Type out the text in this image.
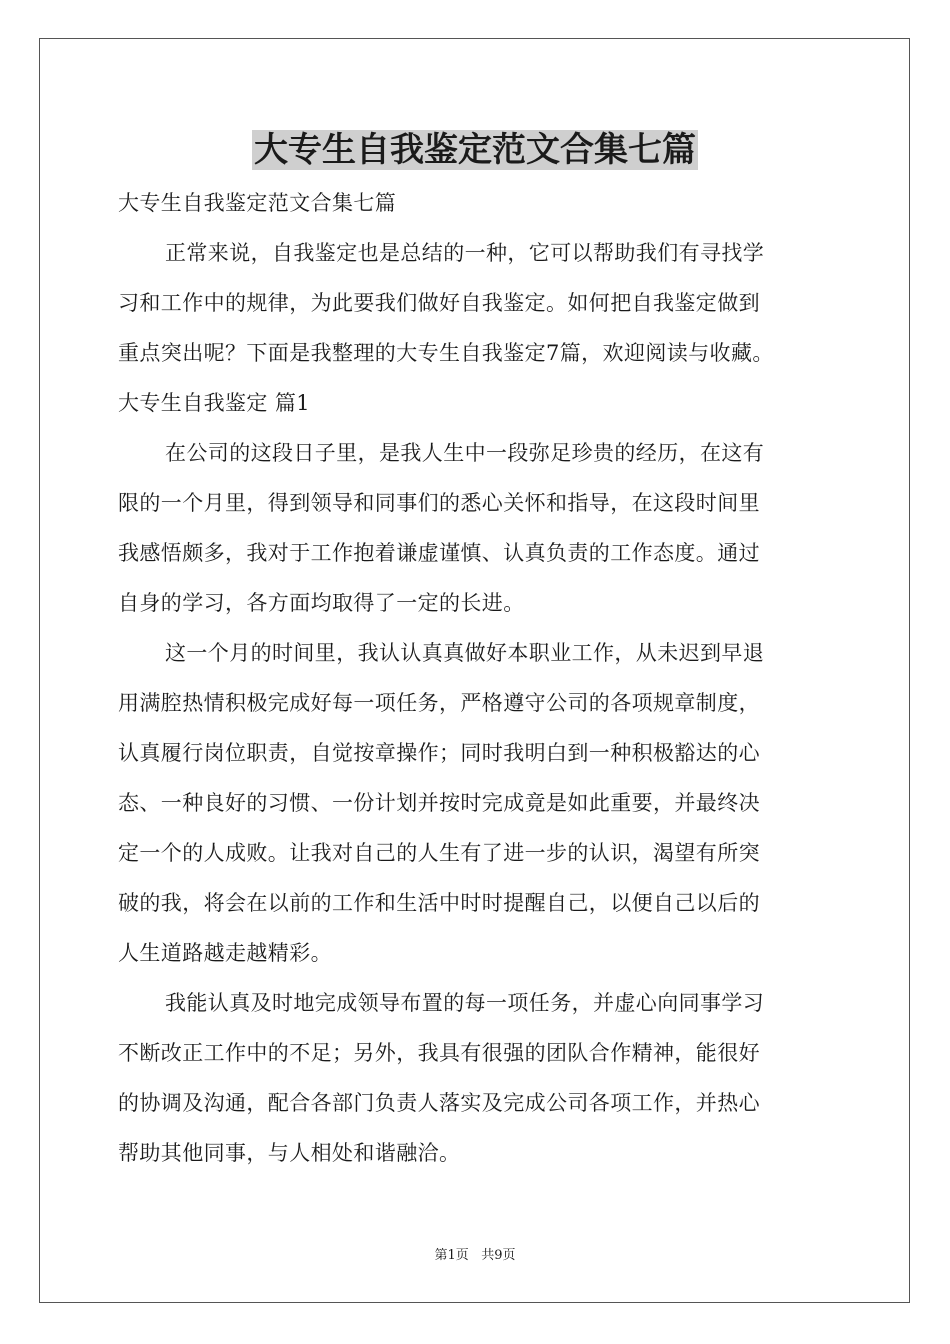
大专生自我鉴定范文合集七篇
大专生自我鉴定范文合集七篇
正常来说，自我鉴定也是总结的一种，它可以帮助我们有寻找学
习和工作中的规律，为此要我们做好自我鉴定。如何把自我鉴定做到
重点突出呢？下面是我整理的大专生自我鉴定7篇，欢迎阅读与收藏。
大专生自我鉴定 篇1
在公司的这段日子里，是我人生中一段弥足珍贵的经历，在这有
限的一个月里，得到领导和同事们的悉心关怀和指导，在这段时间里
我感悟颇多，我对于工作抱着谦虚谨慎、认真负责的工作态度。通过
自身的学习，各方面均取得了一定的长进。
这一个月的时间里，我认认真真做好本职业工作，从未迟到早退
用满腔热情积极完成好每一项任务，严格遵守公司的各项规章制度，
认真履行岗位职责，自觉按章操作；同时我明白到一种积极豁达的心
态、一种良好的习惯、一份计划并按时完成竟是如此重要，并最终决
定一个的人成败。让我对自己的人生有了进一步的认识，渴望有所突
破的我，将会在以前的工作和生活中时时提醒自己，以便自己以后的
人生道路越走越精彩。
我能认真及时地完成领导布置的每一项任务，并虚心向同事学习
不断改正工作中的不足；另外，我具有很强的团队合作精神，能很好
的协调及沟通，配合各部门负责人落实及完成公司各项工作，并热心
帮助其他同事，与人相处和谐融洽。
第1页 共9页
